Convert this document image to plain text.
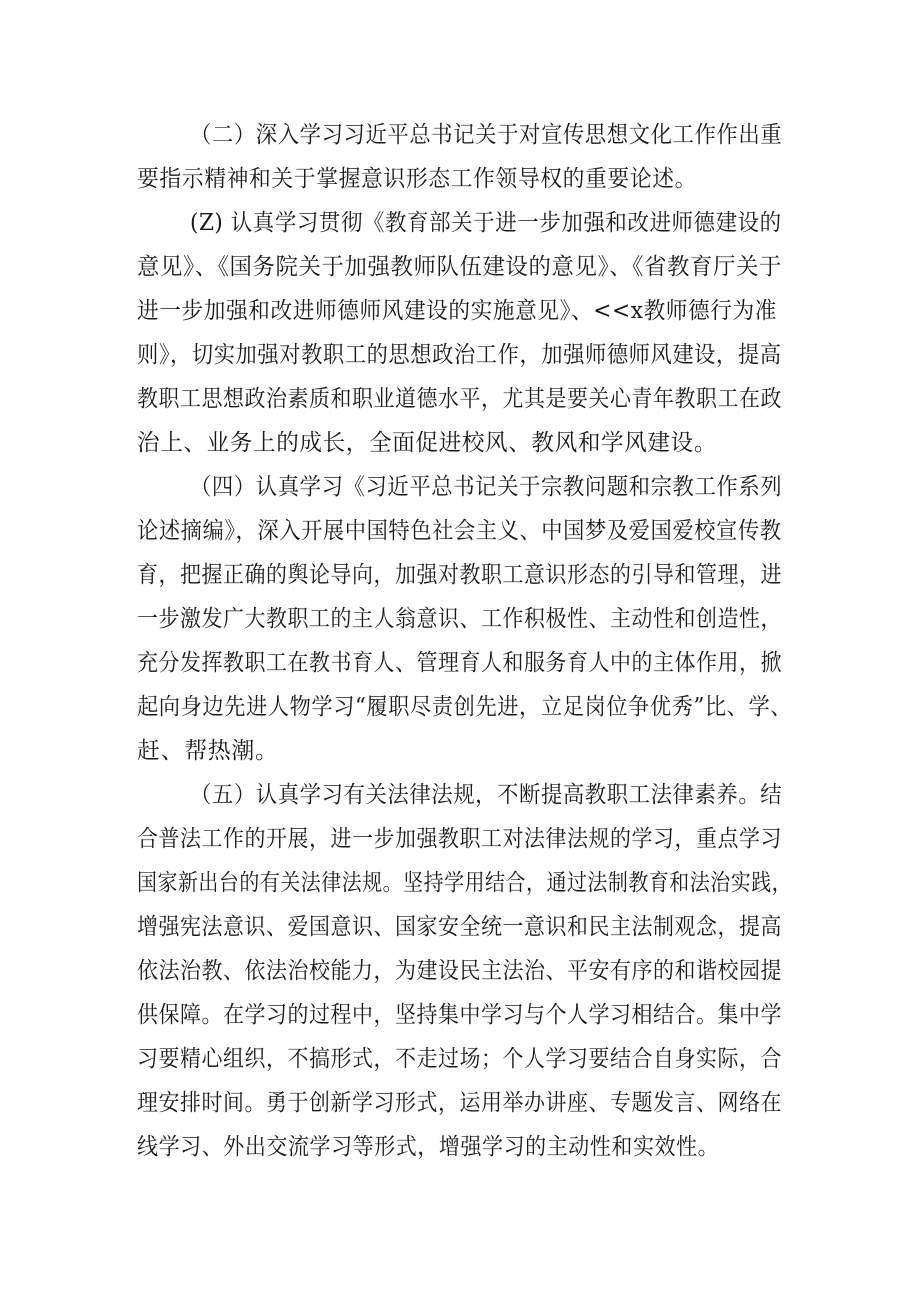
（二）深入学习习近平总书记关于对宣传思想文化工作作出重

要指示精神和关于掌握意识形态工作领导权的重要论述。

(Z) 认真学习贯彻《教育部关于进一步加强和改进师德建设的

意见》、《国务院关于加强教师队伍建设的意见》、《省教育厅关于

进一步加强和改进师德师风建设的实施意见》、<<x教师德行为准

则》，切实加强对教职工的思想政治工作，加强师德师风建设，提高

教职工思想政治素质和职业道德水平，尤其是要关心青年教职工在政

治上、业务上的成长，全面促进校风、教风和学风建设。

（四）认真学习《习近平总书记关于宗教问题和宗教工作系列

论述摘编》，深入开展中国特色社会主义、中国梦及爱国爱校宣传教

育，把握正确的舆论导向，加强对教职工意识形态的引导和管理，进

一步激发广大教职工的主人翁意识、工作积极性、主动性和创造性，

充分发挥教职工在教书育人、管理育人和服务育人中的主体作用，掀

起向身边先进人物学习“履职尽责创先进，立足岗位争优秀”比、学、

赶、帮热潮。

（五）认真学习有关法律法规，不断提高教职工法律素养。结

合普法工作的开展，进一步加强教职工对法律法规的学习，重点学习

国家新出台的有关法律法规。坚持学用结合，通过法制教育和法治实践，

增强宪法意识、爱国意识、国家安全统一意识和民主法制观念，提高

依法治教、依法治校能力，为建设民主法治、平安有序的和谐校园提

供保障。在学习的过程中，坚持集中学习与个人学习相结合。集中学

习要精心组织，不搞形式，不走过场；个人学习要结合自身实际，合

理安排时间。勇于创新学习形式，运用举办讲座、专题发言、网络在

线学习、外出交流学习等形式，增强学习的主动性和实效性。
